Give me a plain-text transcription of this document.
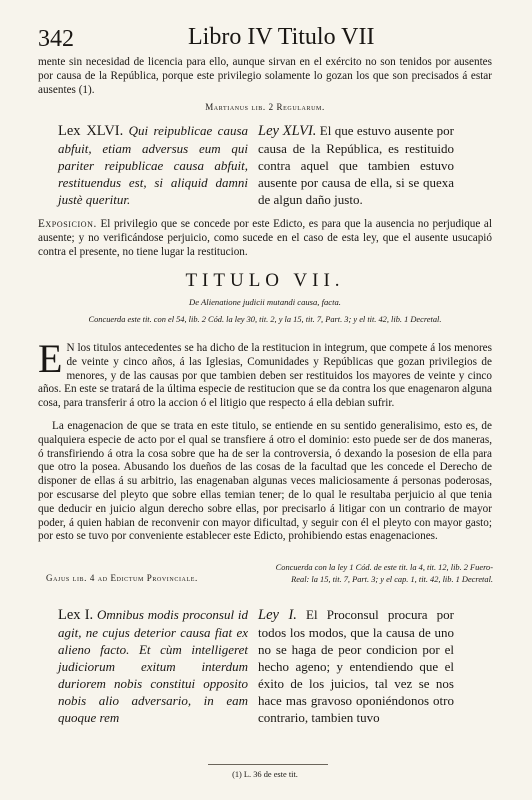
342	Libro IV Titulo VII
mente sin necesidad de licencia para ello, aunque sirvan en el exército no son tenidos por ausentes por causa de la República, porque este privilegio solamente lo gozan los que son precisados á estar ausentes (1).
Martianus lib. 2 Regularum.
Lex XLVI. Qui reipublicae causa abfuit, etiam adversus eum qui pariter reipublicae causa abfuit, restituendus est, si aliquid damni justè queritur.
Ley XLVI. El que estuvo ausente por causa de la República, es restituido contra aquel que tambien estuvo ausente por causa de ella, si se quexa de algun daño justo.
Exposicion. El privilegio que se concede por este Edicto, es para que la ausencia no perjudique al ausente; y no verificándose perjuicio, como sucede en el caso de esta ley, que el ausente usucapió contra el presente, no tiene lugar la restitucion.
TITULO VII.
De Alienatione judicii mutandi causa, facta.
Concuerda este tit. con el 54, lib. 2 Cód. la ley 30, tit. 2, y la 15, tit. 7, Part. 3; y el tit. 42, lib. 1 Decretal.
E N los titulos antecedentes se ha dicho de la restitucion in integrum, que compete á los menores de veinte y cinco años, á las Iglesias, Comunidades y Repúblicas que gozan privilegios de menores, y de las causas por que tambien deben ser restituidos los mayores de veinte y cinco años. En este se tratará de la última especie de restitucion que se da contra los que enagenaron alguna cosa, para transferir á otro la accion ó el litigio que respecto á ella debian sufrir.
La enagenacion de que se trata en este titulo, se entiende en su sentido generalisimo, esto es, de qualquiera especie de acto por el qual se transfiere á otro el dominio: esto puede ser de dos maneras, ó transfiriendo á otra la cosa sobre que ha de ser la controversia, ó dexando la posesion de ella para que otro la posea. Abusando los dueños de las cosas de la facultad que les concede el Derecho de disponer de ellas á su arbitrio, las enagenaban algunas veces maliciosamente á personas poderosas, por escusarse del pleyto que sobre ellas temian tener; de lo qual le resultaba perjuicio al que tenia que deducir en juicio algun derecho sobre ellas, por precisarlo á litigar con un contrario de mayor poder, á quien habian de reconvenir con mayor dificultad, y seguir con él el pleyto con mayor gasto; por esto se tuvo por conveniente establecer este Edicto, prohibiendo estas enagenaciones.
Gajus lib. 4 ad Edictum Provinciale.
Concuerda con la ley 1 Cód. de este tit. la 4, tit. 12, lib. 2 Fuero-Real: la 15, tit. 7, Part. 3; y el cap. 1, tit. 42, lib. 1 Decretal.
Lex I. Omnibus modis proconsul id agit, ne cujus deterior causa fiat ex alieno facto. Et cùm intelligeret judiciorum exitum interdum duriorem nobis constitui opposito nobis alio adversario, in eam quoque rem
Ley I. El Proconsul procura por todos los modos, que la causa de uno no se haga de peor condicion por el hecho ageno; y entendiendo que el éxito de los juicios, tal vez se nos hace mas gravoso oponiéndonos otro contrario, tambien tuvo
(1) L. 36 de este tit.
